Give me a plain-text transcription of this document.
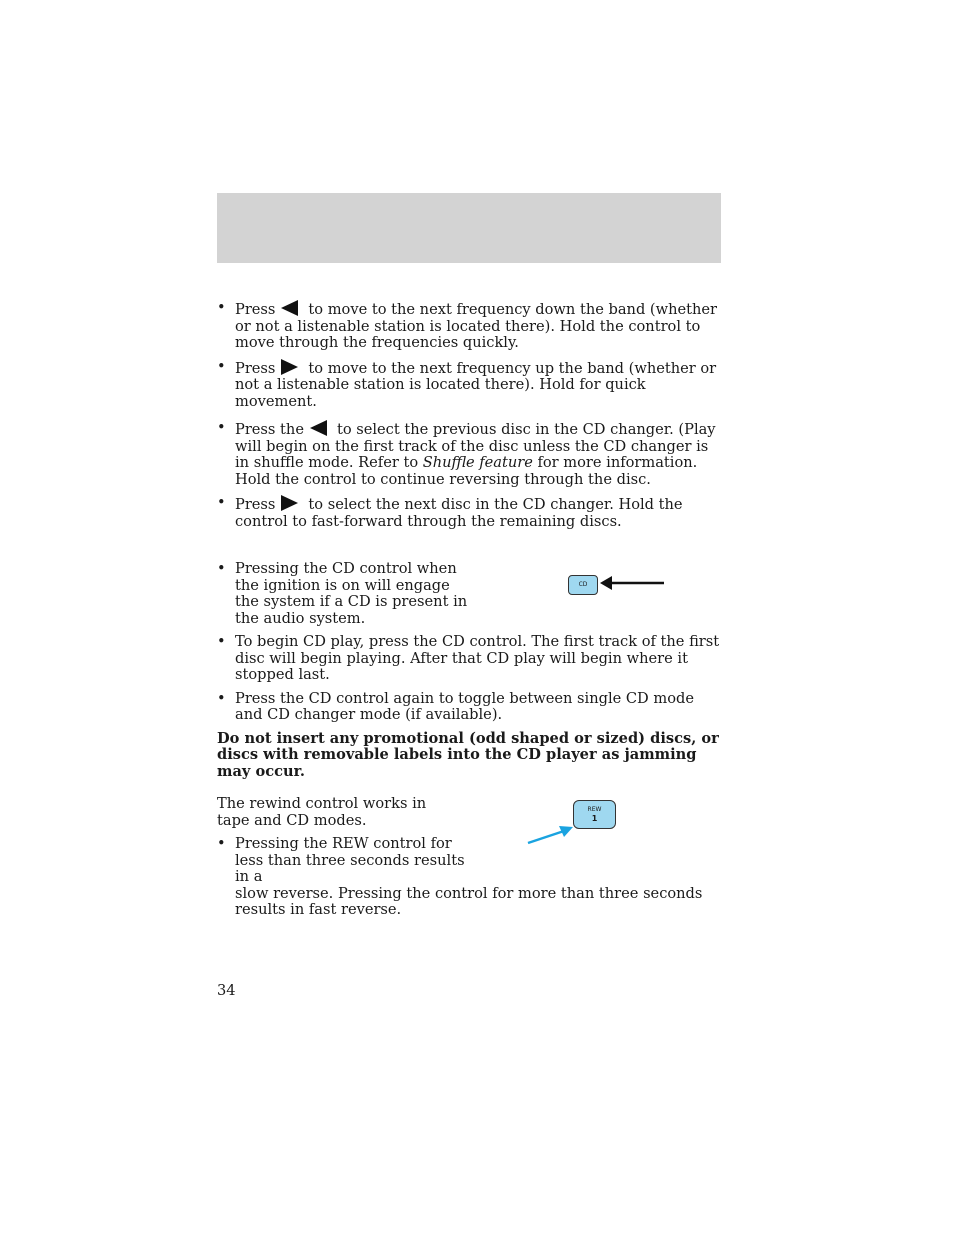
• Press to move to the next frequency down the band (whether or not a listenable station is located there). Hold the control to move through the frequencies quickly.
• Press to move to the next frequency up the band (whether or not a listenable station is located there). Hold for quick movement.
• Press the to select the previous disc in the CD changer. (Play will begin on the first track of the disc unless the CD changer is in shuffle mode. Refer to Shuffle feature for more information. Hold the control to continue reversing through the disc.
• Press to select the next disc in the CD changer. Hold the control to fast-forward through the remaining discs.
• Pressing the CD control when the ignition is on will engage the system if a CD is present in the audio system.
• To begin CD play, press the CD control. The first track of the first disc will begin playing. After that CD play will begin where it stopped last.
• Press the CD control again to toggle between single CD mode and CD changer mode (if available).

Do not insert any promotional (odd shaped or sized) discs, or discs with removable labels into the CD player as jamming may occur.

CD

The rewind control works in tape and CD modes.

• Pressing the REW control for less than three seconds results in a
slow reverse. Pressing the control for more than three seconds results in fast reverse.
REW
1
34
